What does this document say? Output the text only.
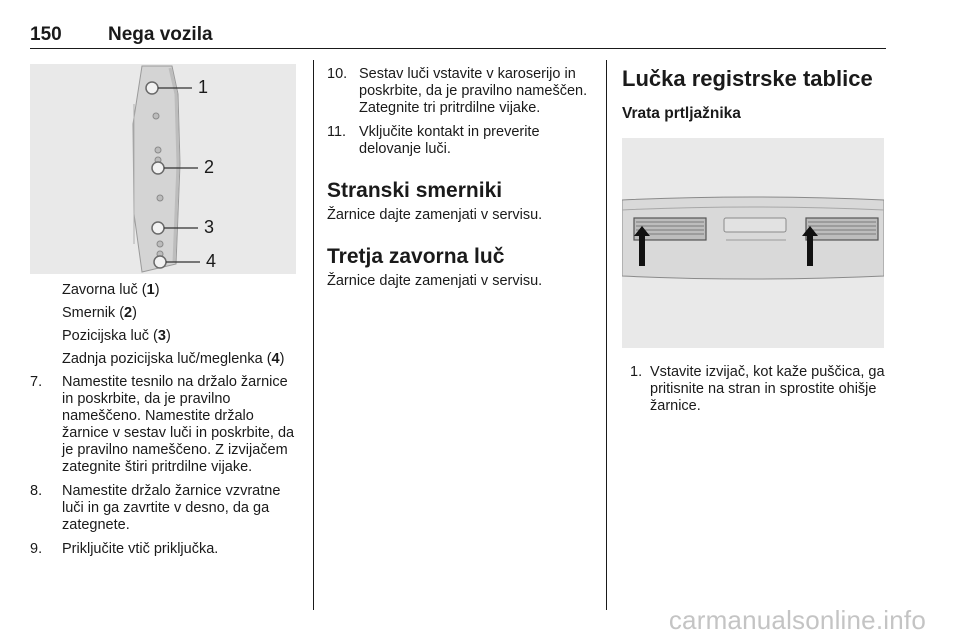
150 Nega vozila
1
2
3
4

Zavorna luč (1)

Smernik (2)

Pozicijska luč (3)

Zadnja pozicijska luč/meglenka (4)

7. Namestite tesnilo na držalo žarnice in poskrbite, da je pravilno nameščeno. Namestite držalo žarnice v sestav luči in poskrbite, da je pravilno nameščeno. Z izvijačem zategnite štiri pritrdilne vijake.

8. Namestite držalo žarnice vzvratne luči in ga zavrtite v desno, da ga zategnete.

9. Priključite vtič priključka.

10. Sestav luči vstavite v karoserijo in poskrbite, da je pravilno nameščen. Zategnite tri pritrdilne vijake.

11. Vključite kontakt in preverite delovanje luči.

Stranski smerniki

Žarnice dajte zamenjati v servisu.

Tretja zavorna luč

Žarnice dajte zamenjati v servisu.

Lučka registrske tablice
Vrata prtljažnika
1. Vstavite izvijač, kot kaže puščica, ga pritisnite na stran in sprostite ohišje žarnice.

carmanualsonline.info
